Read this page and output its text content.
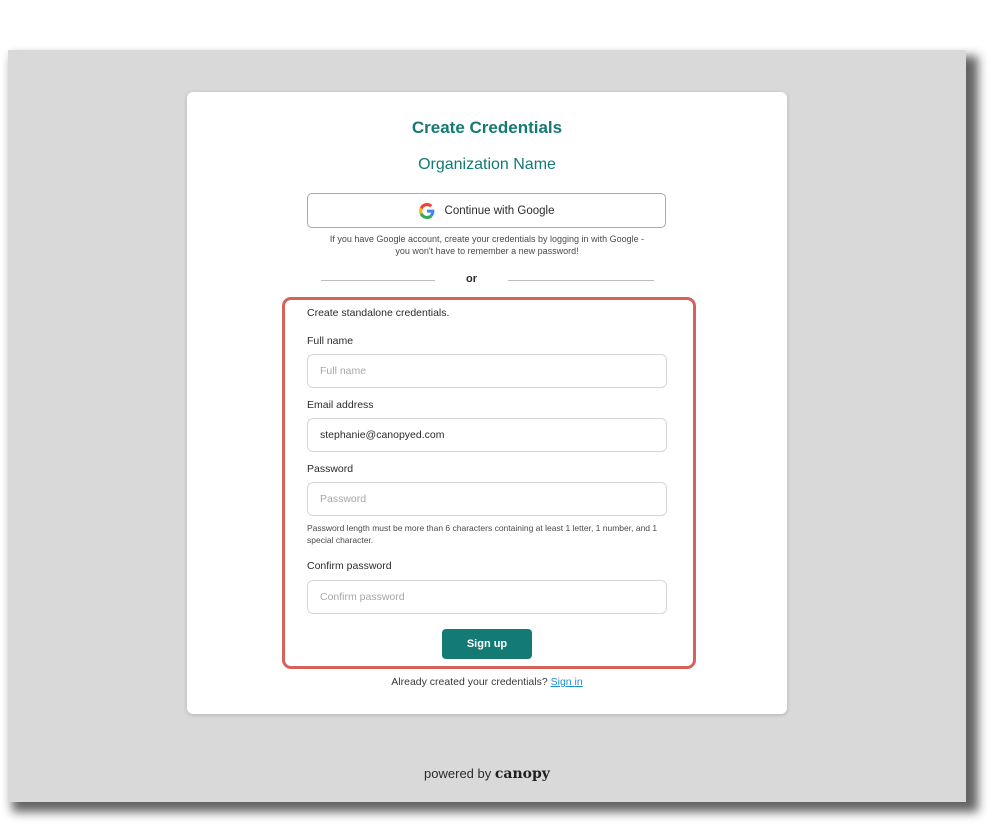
Create Credentials
Organization Name
Continue with Google
If you have Google account, create your credentials by logging in with Google -
you won't have to remember a new password!
or
Create standalone credentials.
Full name
Full name
Email address
stephanie@canopyed.com
Password
Password length must be more than 6 characters containing at least 1 letter, 1 number, and 1 special character.
Confirm password
Sign up
Already created your credentials? Sign in
powered by canopy
